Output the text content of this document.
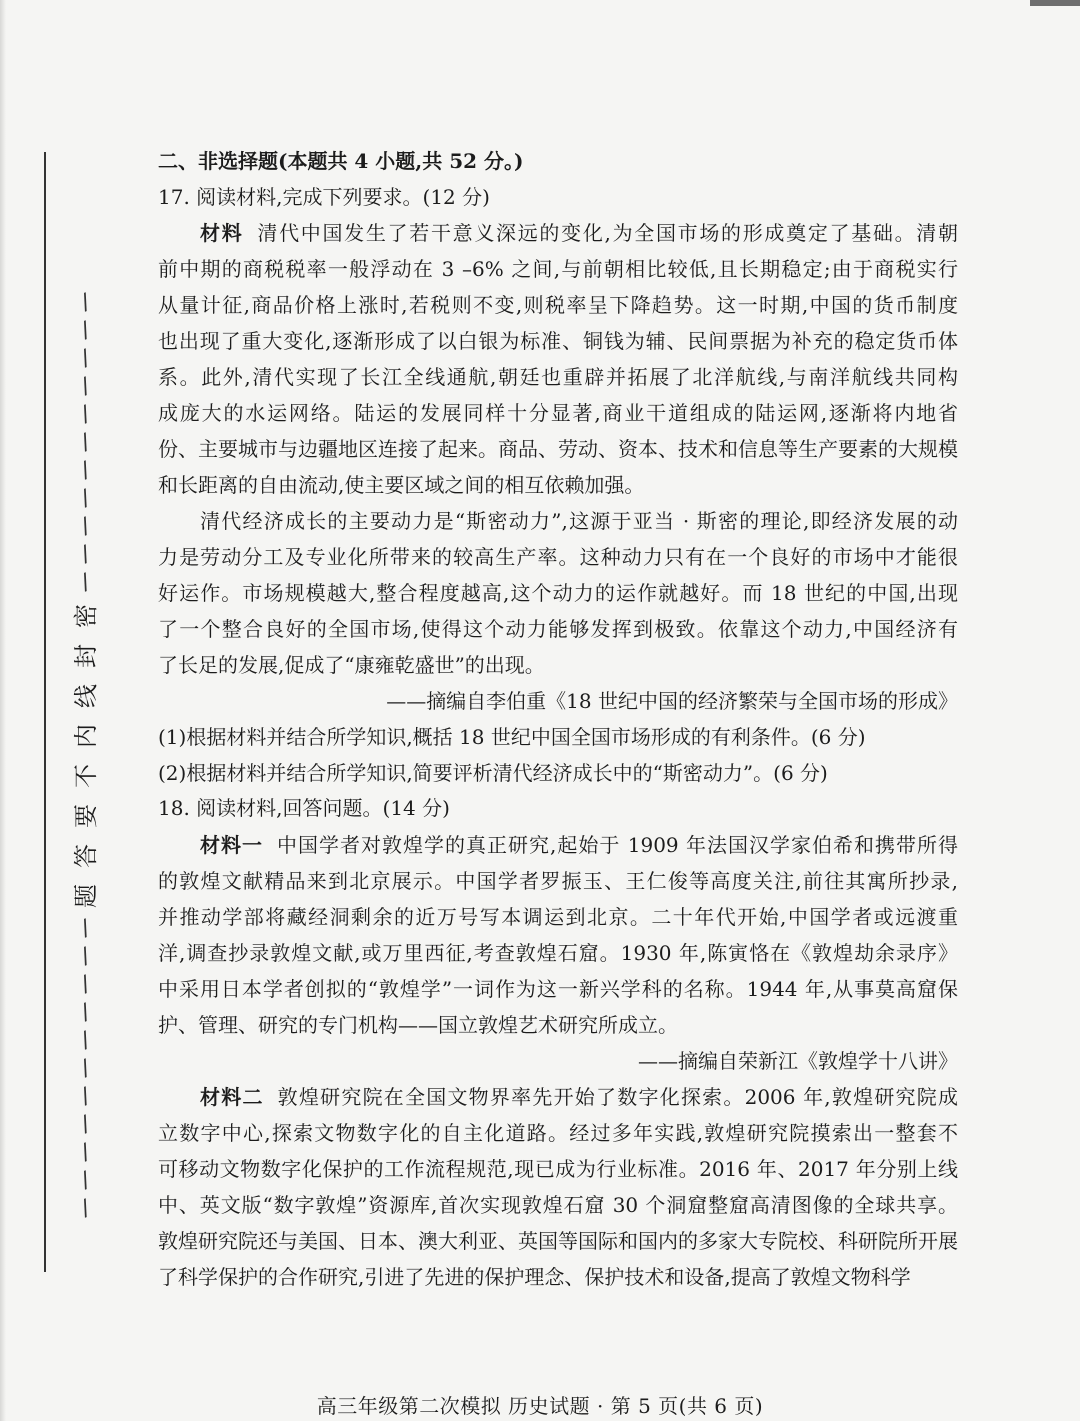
/
/
/
/
/
/
/
/
/
/
/
密
封
线
内
不
要
答
题
/
/
/
/
/
/
/
/
/
/
/
二、非选择题(本题共 4 小题,共 52 分。)
17. 阅读材料,完成下列要求。(12 分)
材料 清代中国发生了若干意义深远的变化,为全国市场的形成奠定了基础。清朝
前中期的商税税率一般浮动在 3 –6% 之间,与前朝相比较低,且长期稳定;由于商税实行
从量计征,商品价格上涨时,若税则不变,则税率呈下降趋势。这一时期,中国的货币制度
也出现了重大变化,逐渐形成了以白银为标准、铜钱为辅、民间票据为补充的稳定货币体
系。此外,清代实现了长江全线通航,朝廷也重辟并拓展了北洋航线,与南洋航线共同构
成庞大的水运网络。陆运的发展同样十分显著,商业干道组成的陆运网,逐渐将内地省
份、主要城市与边疆地区连接了起来。商品、劳动、资本、技术和信息等生产要素的大规模
和长距离的自由流动,使主要区域之间的相互依赖加强。
清代经济成长的主要动力是“斯密动力”,这源于亚当 · 斯密的理论,即经济发展的动
力是劳动分工及专业化所带来的较高生产率。这种动力只有在一个良好的市场中才能很
好运作。市场规模越大,整合程度越高,这个动力的运作就越好。而 18 世纪的中国,出现
了一个整合良好的全国市场,使得这个动力能够发挥到极致。依靠这个动力,中国经济有
了长足的发展,促成了“康雍乾盛世”的出现。
——摘编自李伯重《18 世纪中国的经济繁荣与全国市场的形成》
(1)根据材料并结合所学知识,概括 18 世纪中国全国市场形成的有利条件。(6 分)
(2)根据材料并结合所学知识,简要评析清代经济成长中的“斯密动力”。(6 分)
18. 阅读材料,回答问题。(14 分)
材料一 中国学者对敦煌学的真正研究,起始于 1909 年法国汉学家伯希和携带所得
的敦煌文献精品来到北京展示。中国学者罗振玉、王仁俊等高度关注,前往其寓所抄录,
并推动学部将藏经洞剩余的近万号写本调运到北京。二十年代开始,中国学者或远渡重
洋,调查抄录敦煌文献,或万里西征,考查敦煌石窟。1930 年,陈寅恪在《敦煌劫余录序》
中采用日本学者创拟的“敦煌学”一词作为这一新兴学科的名称。1944 年,从事莫高窟保
护、管理、研究的专门机构——国立敦煌艺术研究所成立。
——摘编自荣新江《敦煌学十八讲》
材料二 敦煌研究院在全国文物界率先开始了数字化探索。2006 年,敦煌研究院成
立数字中心,探索文物数字化的自主化道路。经过多年实践,敦煌研究院摸索出一整套不
可移动文物数字化保护的工作流程规范,现已成为行业标准。2016 年、2017 年分别上线
中、英文版“数字敦煌”资源库,首次实现敦煌石窟 30 个洞窟整窟高清图像的全球共享。
敦煌研究院还与美国、日本、澳大利亚、英国等国际和国内的多家大专院校、科研院所开展
了科学保护的合作研究,引进了先进的保护理念、保护技术和设备,提高了敦煌文物科学
高三年级第二次模拟 历史试题 · 第 5 页(共 6 页)
